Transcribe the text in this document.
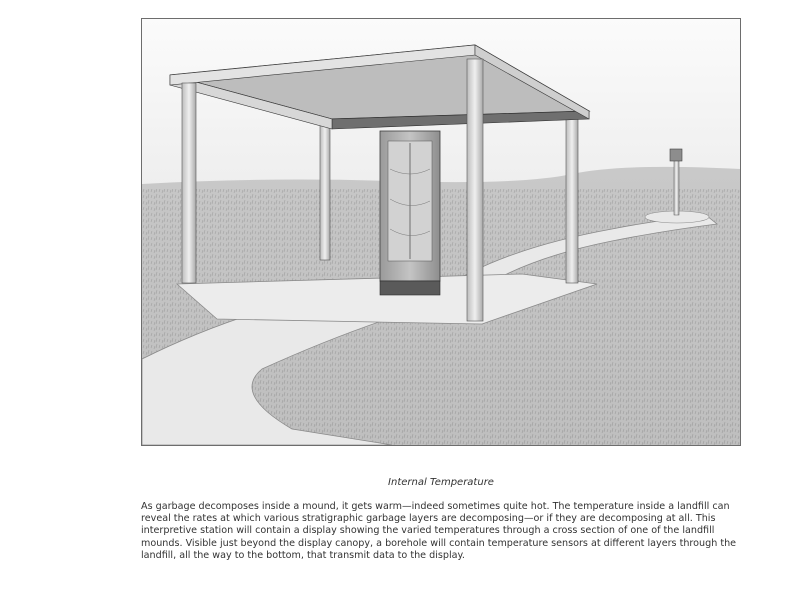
Internal Temperature

As garbage decomposes inside a mound, it gets warm—indeed sometimes quite hot. The temperature inside a landfill can reveal the rates at which various stratigraphic garbage layers are decomposing—or if they are decomposing at all. This interpretive station will contain a display showing the varied temperatures through a cross section of one of the landfill mounds. Visible just beyond the display canopy, a borehole will contain temperature sensors at different layers through the landfill, all the way to the bottom, that transmit data to the display.
